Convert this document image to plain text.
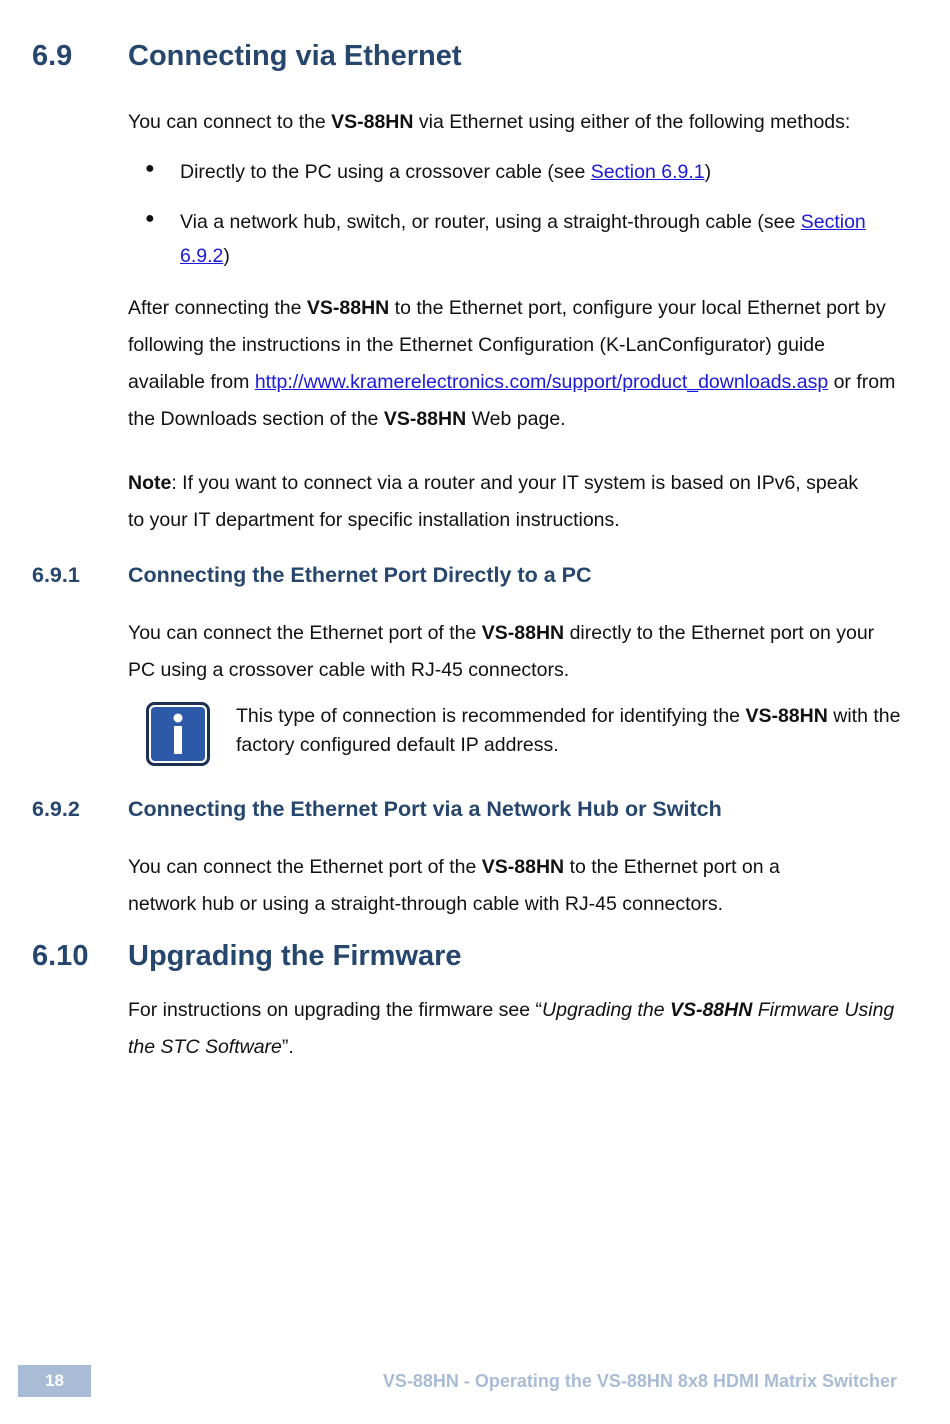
6.9 Connecting via Ethernet
You can connect to the VS-88HN via Ethernet using either of the following methods:
● Directly to the PC using a crossover cable (see Section 6.9.1)
● Via a network hub, switch, or router, using a straight-through cable (see Section 6.9.2)
After connecting the VS-88HN to the Ethernet port, configure your local Ethernet port by following the instructions in the Ethernet Configuration (K-LanConfigurator) guide available from http://www.kramerelectronics.com/support/product_downloads.asp or from the Downloads section of the VS-88HN Web page.
Note: If you want to connect via a router and your IT system is based on IPv6, speak to your IT department for specific installation instructions.
6.9.1 Connecting the Ethernet Port Directly to a PC
You can connect the Ethernet port of the VS-88HN directly to the Ethernet port on your PC using a crossover cable with RJ-45 connectors.
This type of connection is recommended for identifying the VS-88HN with the factory configured default IP address.
6.9.2 Connecting the Ethernet Port via a Network Hub or Switch
You can connect the Ethernet port of the VS-88HN to the Ethernet port on a network hub or using a straight-through cable with RJ-45 connectors.
6.10 Upgrading the Firmware
For instructions on upgrading the firmware see “Upgrading the VS-88HN Firmware Using the STC Software”.
18	VS-88HN - Operating the VS-88HN 8x8 HDMI Matrix Switcher
